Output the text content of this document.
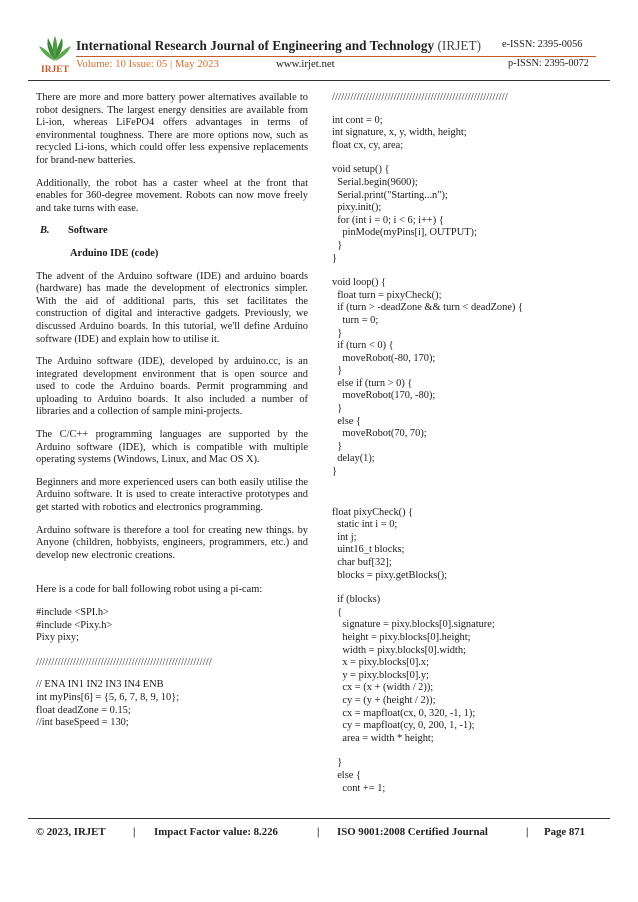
IRJET
International Research Journal of Engineering and Technology (IRJET) e-ISSN: 2395-0056
Volume: 10 Issue: 05 | May 2023	www.irjet.net	p-ISSN: 2395-0072

There are more and more battery power alternatives available to robot designers. The largest energy densities are available from Li-ion, whereas LiFePO4 offers advantages in terms of environmental toughness. There are more options now, such as recycled Li-ions, which could offer less expensive replacements for brand-new batteries.

Additionally, the robot has a caster wheel at the front that enables for 360-degree movement. Robots can now move freely and take turns with ease.

B. Software

Arduino IDE (code)

The advent of the Arduino software (IDE) and arduino boards (hardware) has made the development of electronics simpler. With the aid of additional parts, this set facilitates the construction of digital and interactive gadgets. Previously, we discussed Arduino boards. In this tutorial, we'll define Arduino software (IDE) and explain how to utilise it.

The Arduino software (IDE), developed by arduino.cc, is an integrated development environment that is open source and used to code the Arduino boards. Permit programming and uploading to Arduino boards. It also included a number of libraries and a collection of sample mini-projects.

The C/C++ programming languages are supported by the Arduino software (IDE), which is compatible with multiple operating systems (Windows, Linux, and Mac OS X).

Beginners and more experienced users can both easily utilise the Arduino software. It is used to create interactive prototypes and get started with robotics and electronics programming.

Arduino software is therefore a tool for creating new things. by Anyone (children, hobbyists, engineers, programmers, etc.) and develop new electronic creations.

Here is a code for ball following robot using a pi-cam:

#include <SPI.h>
#include <Pixy.h>
Pixy pixy;

/////////////////////////////////////////////////////////

// ENA IN1 IN2 IN3 IN4 ENB
int myPins[6] = {5, 6, 7, 8, 9, 10};
float deadZone = 0.15;
//int baseSpeed = 130;

/////////////////////////////////////////////////////////

int cont = 0;
int signature, x, y, width, height;
float cx, cy, area;
void setup() {
Serial.begin(9600);
Serial.print("Starting...n");
pixy.init();
for (int i = 0; i < 6; i++) {
pinMode(myPins[i], OUTPUT);
}
}
void loop() {
float turn = pixyCheck();
if (turn > -deadZone && turn < deadZone) {
turn = 0;
}
if (turn < 0) {
moveRobot(-80, 170);
}
else if (turn > 0) {
moveRobot(170, -80);
}
else {
moveRobot(70, 70);
}
delay(1);
}
float pixyCheck() {
static int i = 0;
int j;
uint16_t blocks;
char buf[32];
blocks = pixy.getBlocks();
if (blocks)
{
signature = pixy.blocks[0].signature;
height = pixy.blocks[0].height;
width = pixy.blocks[0].width;
x = pixy.blocks[0].x;
y = pixy.blocks[0].y;
cx = (x + (width / 2));
cy = (y + (height / 2));
cx = mapfloat(cx, 0, 320, -1, 1);
cy = mapfloat(cy, 0, 200, 1, -1);
area = width * height;
}
else {
cont += 1;
© 2023, IRJET	| Impact Factor value: 8.226	| ISO 9001:2008 Certified Journal	| Page 871
